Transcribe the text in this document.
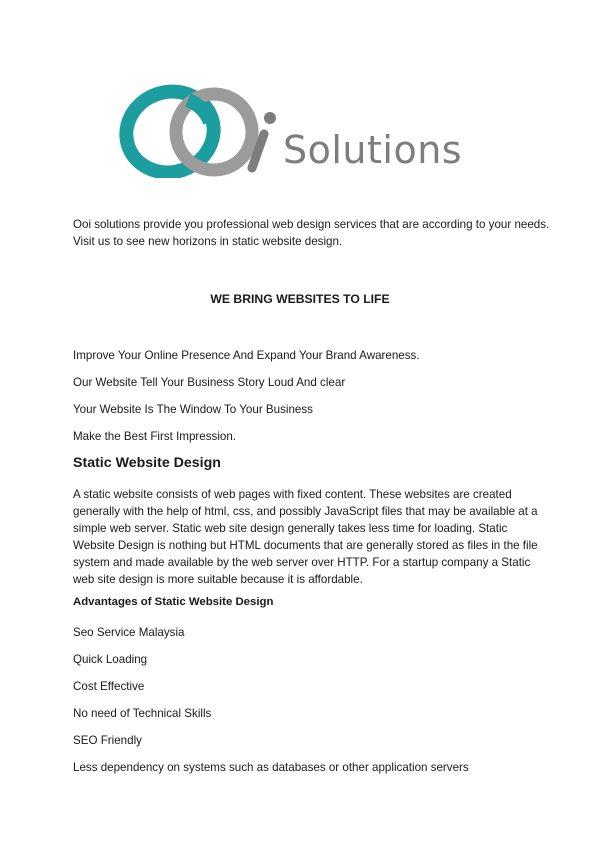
Solutions
Ooi solutions provide you professional web design services that are according to your needs.
Visit us to see new horizons in static website design.
WE BRING WEBSITES TO LIFE
Improve Your Online Presence And Expand Your Brand Awareness.
Our Website Tell Your Business Story Loud And clear
Your Website Is The Window To Your Business
Make the Best First Impression.
Static Website Design
A static website consists of web pages with fixed content. These websites are created
generally with the help of html, css, and possibly JavaScript files that may be available at a
simple web server. Static web site design generally takes less time for loading. Static
Website Design is nothing but HTML documents that are generally stored as files in the file
system and made available by the web server over HTTP. For a startup company a Static
web site design is more suitable because it is affordable.
Advantages of Static Website Design
Seo Service Malaysia
Quick Loading
Cost Effective
No need of Technical Skills
SEO Friendly
Less dependency on systems such as databases or other application servers
